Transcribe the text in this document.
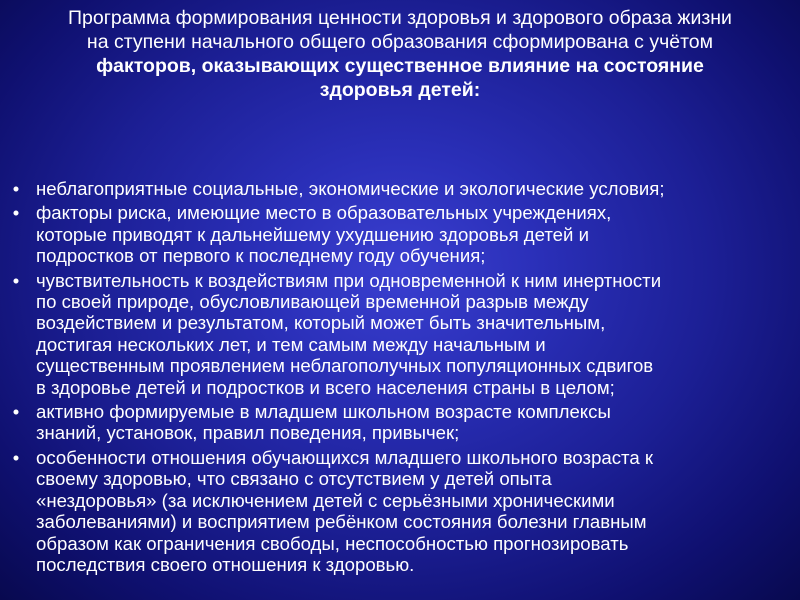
Программа формирования ценности здоровья и здорового образа жизни
на ступени начального общего образования сформирована с учётом
факторов, оказывающих существенное влияние на состояние
здоровья детей:
• неблагоприятные социальные, экономические и экологические условия;
• факторы риска, имеющие место в образовательных учреждениях,
которые приводят к дальнейшему ухудшению здоровья детей и
подростков от первого к последнему году обучения;
• чувствительность к воздействиям при одновременной к ним инертности
по своей природе, обусловливающей временной разрыв между
воздействием и результатом, который может быть значительным,
достигая нескольких лет, и тем самым между начальным и
существенным проявлением неблагополучных популяционных сдвигов
в здоровье детей и подростков и всего населения страны в целом;
• активно формируемые в младшем школьном возрасте комплексы
знаний, установок, правил поведения, привычек;
• особенности отношения обучающихся младшего школьного возраста к
своему здоровью, что связано с отсутствием у детей опыта
«нездоровья» (за исключением детей с серьёзными хроническими
заболеваниями) и восприятием ребёнком состояния болезни главным
образом как ограничения свободы, неспособностью прогнозировать
последствия своего отношения к здоровью.
